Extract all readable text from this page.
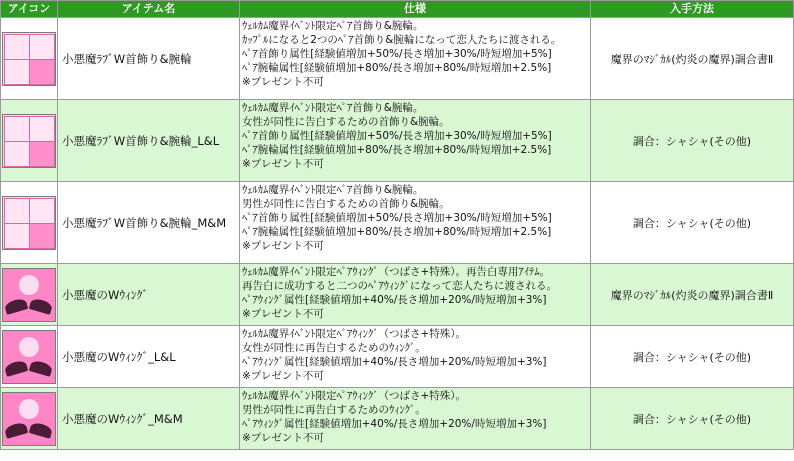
アイコン	アイテム名	仕様	入手方法

	小悪魔ﾗﾌﾞW首飾り&腕輪	ｳｪﾙｶﾑ魔界ｲﾍﾞﾝﾄ限定ﾍﾟｱ首飾り&腕輪。
ｶｯﾌﾟﾙになると2つのﾍﾟｱ首飾り&腕輪になって恋人たちに渡される。
ﾍﾟｱ首飾り属性[経験値増加+50%/長さ増加+30%/時短増加+5%]
ﾍﾟｱ腕輪属性[経験値増加+80%/長さ増加+80%/時短増加+2.5%]
※プレゼント不可	魔界のﾏｼﾞｶﾙ(灼炎の魔界)調合書Ⅱ

	小悪魔ﾗﾌﾞW首飾り&腕輪_L&L	ｳｪﾙｶﾑ魔界ｲﾍﾞﾝﾄ限定ﾍﾟｱ首飾り&腕輪。
女性が同性に告白するための首飾り&腕輪。
ﾍﾟｱ首飾り属性[経験値増加+50%/長さ増加+30%/時短増加+5%]
ﾍﾟｱ腕輪属性[経験値増加+80%/長さ増加+80%/時短増加+2.5%]
※プレゼント不可	調合：シャシャ(その他)

	小悪魔ﾗﾌﾞW首飾り&腕輪_M&M	ｳｪﾙｶﾑ魔界ｲﾍﾞﾝﾄ限定ﾍﾟｱ首飾り&腕輪。
男性が同性に告白するための首飾り&腕輪。
ﾍﾟｱ首飾り属性[経験値増加+50%/長さ増加+30%/時短増加+5%]
ﾍﾟｱ腕輪属性[経験値増加+80%/長さ増加+80%/時短増加+2.5%]
※プレゼント不可	調合：シャシャ(その他)

	小悪魔のWｳｨﾝｸﾞ	ｳｪﾙｶﾑ魔界ｲﾍﾞﾝﾄ限定ﾍﾟｱｳｨﾝｸﾞ（つばさ+特殊）。再告白専用ｱｲﾃﾑ。
再告白に成功すると二つのﾍﾟｱｳｨﾝｸﾞになって恋人たちに渡される。
ﾍﾟｱｳｨﾝｸﾞ属性[経験値増加+40%/長さ増加+20%/時短増加+3%]
※プレゼント不可	魔界のﾏｼﾞｶﾙ(灼炎の魔界)調合書Ⅱ

	小悪魔のWｳｨﾝｸﾞ_L&L	ｳｪﾙｶﾑ魔界ｲﾍﾞﾝﾄ限定ﾍﾟｱｳｨﾝｸﾞ（つばさ+特殊）。
女性が同性に再告白するためのｳｨﾝｸﾞ。
ﾍﾟｱｳｨﾝｸﾞ属性[経験値増加+40%/長さ増加+20%/時短増加+3%]
※プレゼント不可	調合：シャシャ(その他)

	小悪魔のWｳｨﾝｸﾞ_M&M	ｳｪﾙｶﾑ魔界ｲﾍﾞﾝﾄ限定ﾍﾟｱｳｨﾝｸﾞ（つばさ+特殊）。
男性が同性に再告白するためのｳｨﾝｸﾞ。
ﾍﾟｱｳｨﾝｸﾞ属性[経験値増加+40%/長さ増加+20%/時短増加+3%]
※プレゼント不可	調合：シャシャ(その他)
